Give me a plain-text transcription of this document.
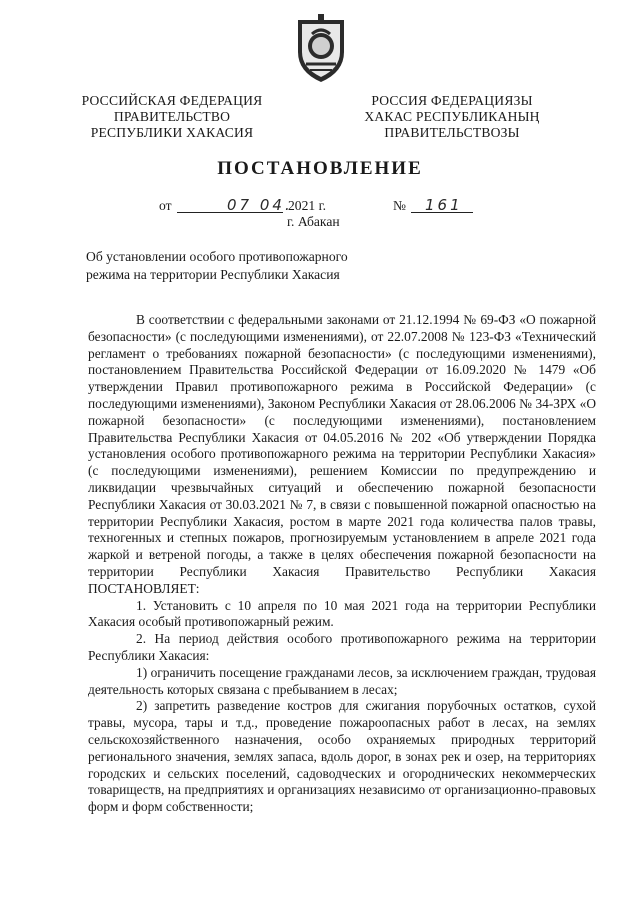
РОССИЙСКАЯ ФЕДЕРАЦИЯ
ПРАВИТЕЛЬСТВО
РЕСПУБЛИКИ ХАКАСИЯ
РОССИЯ ФЕДЕРАЦИЯЗЫ
ХАКАС РЕСПУБЛИКАНЫҢ
ПРАВИТЕЛЬСТВОЗЫ
ПОСТАНОВЛЕНИЕ
от	07 04.
2021 г.	№ 161
г. Абакан
Об установлении особого противопожарного
режима на территории Республики Хакасия

В соответствии с федеральными законами от 21.12.1994 № 69-ФЗ «О пожарной безопасности» (с последующими изменениями), от 22.07.2008 № 123-ФЗ «Технический регламент о требованиях пожарной безопасности» (с последующими изменениями), постановлением Правительства Российской Федерации от 16.09.2020 № 1479 «Об утверждении Правил противопожарного режима в Российской Федерации» (с последующими изменениями), Законом Республики Хакасия от 28.06.2006 № 34-ЗРХ «О пожарной безопасности» (с последующими изменениями), постановлением Правительства Республики Хакасия от 04.05.2016 № 202 «Об утверждении Порядка установления особого противопожарного режима на территории Республики Хакасия» (с последующими изменениями), решением Комиссии по предупреждению и ликвидации чрезвычайных ситуаций и обеспечению пожарной безопасности Республики Хакасия от 30.03.2021 № 7, в связи с повышенной пожарной опасностью на территории Республики Хакасия, ростом в марте 2021 года количества палов травы, техногенных и степных пожаров, прогнозируемым установлением в апреле 2021 года жаркой и ветреной погоды, а также в целях обеспечения пожарной безопасности на территории Республики Хакасия Правительство Республики Хакасия ПОСТАНОВЛЯЕТ:

1. Установить с 10 апреля по 10 мая 2021 года на территории Республики Хакасия особый противопожарный режим.

2. На период действия особого противопожарного режима на территории Республики Хакасия:

1) ограничить посещение гражданами лесов, за исключением граждан, трудовая деятельность которых связана с пребыванием в лесах;

2) запретить разведение костров для сжигания порубочных остатков, сухой травы, мусора, тары и т.д., проведение пожароопасных работ в лесах, на землях сельскохозяйственного назначения, особо охраняемых природных территорий регионального значения, землях запаса, вдоль дорог, в зонах рек и озер, на территориях городских и сельских поселений, садоводческих и огороднических некоммерческих товариществ, на предприятиях и организациях независимо от организационно-правовых форм и форм собственности;
